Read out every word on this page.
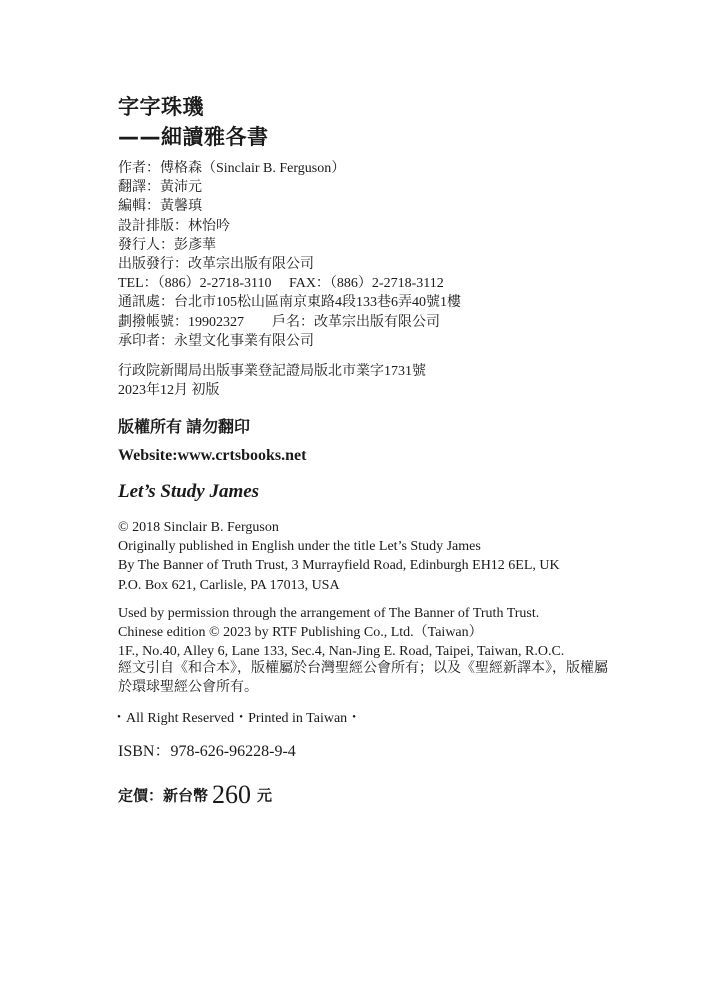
字字珠璣
——細讀雅各書
作者：傅格森（Sinclair B. Ferguson）
翻譯：黃沛元
編輯：黃馨瑱
設計排版：林怡吟
發行人：彭彥華
出版發行：改革宗出版有限公司
TEL：（886）2-2718-3110　 FAX：（886）2-2718-3112
通訊處：台北市105松山區南京東路4段133巷6弄40號1樓
劃撥帳號：19902327　　戶名：改革宗出版有限公司
承印者：永望文化事業有限公司
行政院新聞局出版事業登記證局版北市業字1731號
2023年12月 初版
版權所有 請勿翻印
Website:www.crtsbooks.net
Let’s Study James
© 2018 Sinclair B. Ferguson
Originally published in English under the title Let’s Study James
By The Banner of Truth Trust, 3 Murrayfield Road, Edinburgh EH12 6EL, UK
P.O. Box 621, Carlisle, PA 17013, USA
Used by permission through the arrangement of The Banner of Truth Trust.
Chinese edition © 2023 by RTF Publishing Co., Ltd.（Taiwan）
1F., No.40, Alley 6, Lane 133, Sec.4, Nan-Jing E. Road, Taipei, Taiwan, R.O.C.
經文引自《和合本》，版權屬於台灣聖經公會所有；以及《聖經新譯本》，版權屬於環球聖經公會所有。
・All Right Reserved・Printed in Taiwan・
ISBN：978-626-96228-9-4
定價：新台幣 260 元
